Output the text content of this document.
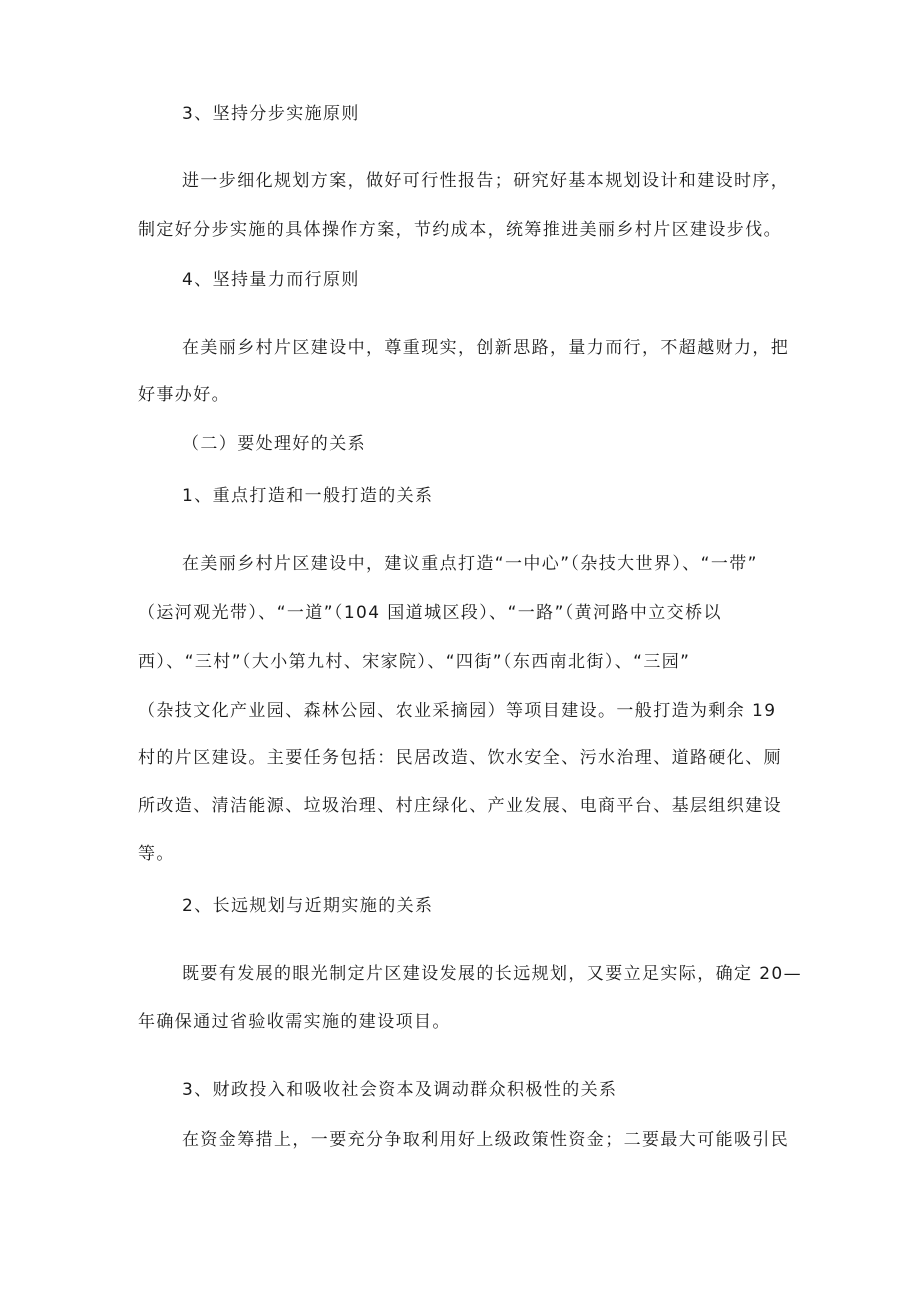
3、坚持分步实施原则
进一步细化规划方案，做好可行性报告；研究好基本规划设计和建设时序，
制定好分步实施的具体操作方案，节约成本，统筹推进美丽乡村片区建设步伐。
4、坚持量力而行原则
在美丽乡村片区建设中，尊重现实，创新思路，量力而行，不超越财力，把
好事办好。
（二）要处理好的关系
1、重点打造和一般打造的关系
在美丽乡村片区建设中，建议重点打造“一中心”（杂技大世界）、“一带”
（运河观光带）、“一道”（104 国道城区段）、“一路”（黄河路中立交桥以
西）、“三村”（大小第九村、宋家院）、“四街”（东西南北街）、“三园”
（杂技文化产业园、森林公园、农业采摘园）等项目建设。一般打造为剩余 19
村的片区建设。主要任务包括：民居改造、饮水安全、污水治理、道路硬化、厕
所改造、清洁能源、垃圾治理、村庄绿化、产业发展、电商平台、基层组织建设
等。
2、长远规划与近期实施的关系
既要有发展的眼光制定片区建设发展的长远规划，又要立足实际，确定 20—
年确保通过省验收需实施的建设项目。
3、财政投入和吸收社会资本及调动群众积极性的关系
在资金筹措上，一要充分争取利用好上级政策性资金；二要最大可能吸引民
